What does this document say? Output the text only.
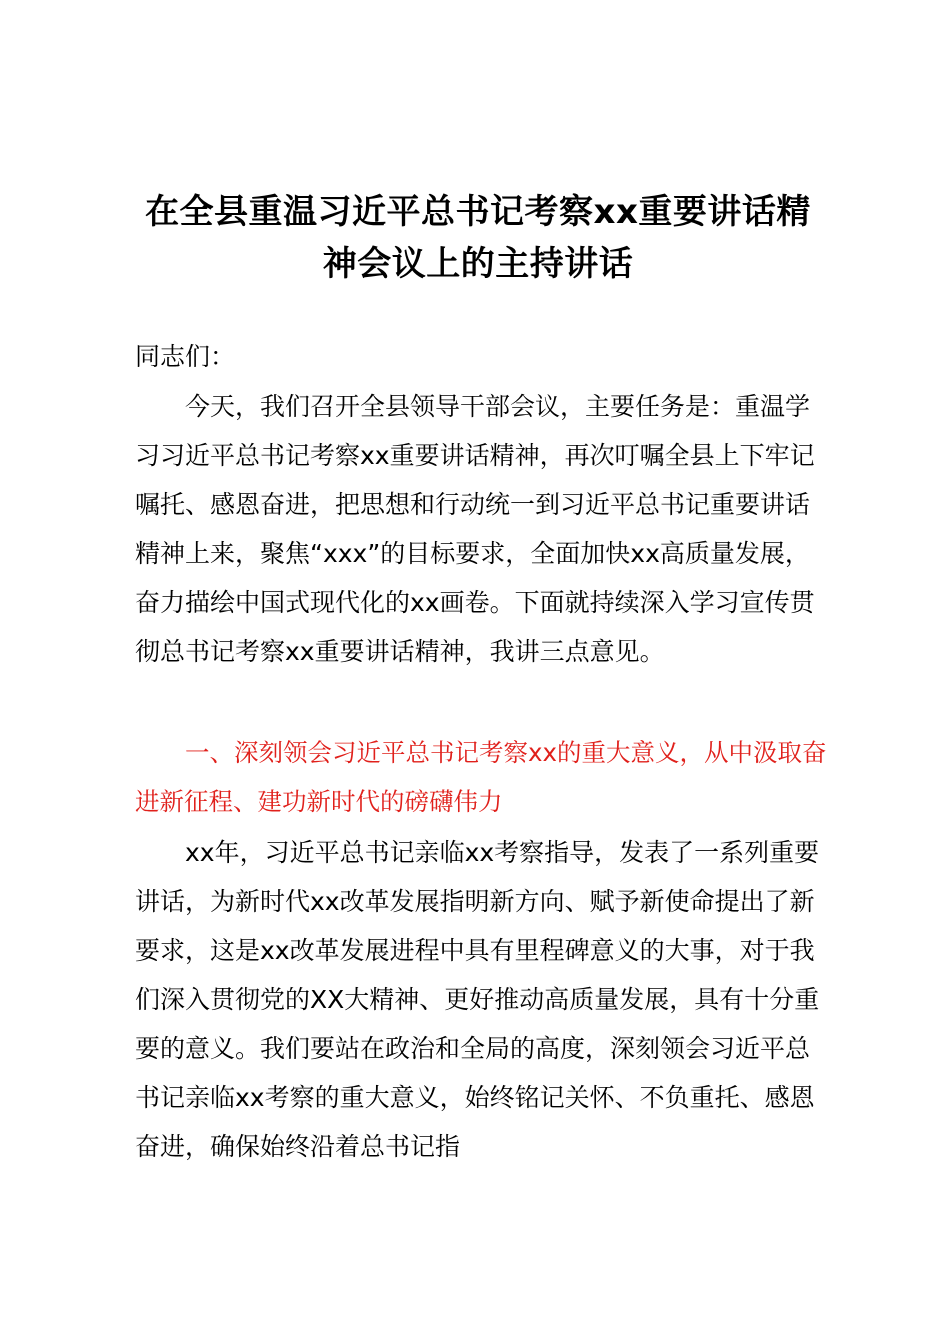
在全县重温习近平总书记考察xx重要讲话精神会议上的主持讲话
同志们：
今天，我们召开全县领导干部会议，主要任务是：重温学习习近平总书记考察xx重要讲话精神，再次叮嘱全县上下牢记嘱托、感恩奋进，把思想和行动统一到习近平总书记重要讲话精神上来，聚焦“xxx”的目标要求，全面加快xx高质量发展，奋力描绘中国式现代化的xx画卷。下面就持续深入学习宣传贯彻总书记考察xx重要讲话精神，我讲三点意见。
一、深刻领会习近平总书记考察xx的重大意义，从中汲取奋进新征程、建功新时代的磅礴伟力
xx年，习近平总书记亲临xx考察指导，发表了一系列重要讲话，为新时代xx改革发展指明新方向、赋予新使命提出了新要求，这是xx改革发展进程中具有里程碑意义的大事，对于我们深入贯彻党的XX大精神、更好推动高质量发展，具有十分重要的意义。我们要站在政治和全局的高度，深刻领会习近平总书记亲临xx考察的重大意义，始终铭记关怀、不负重托、感恩奋进，确保始终沿着总书记指
